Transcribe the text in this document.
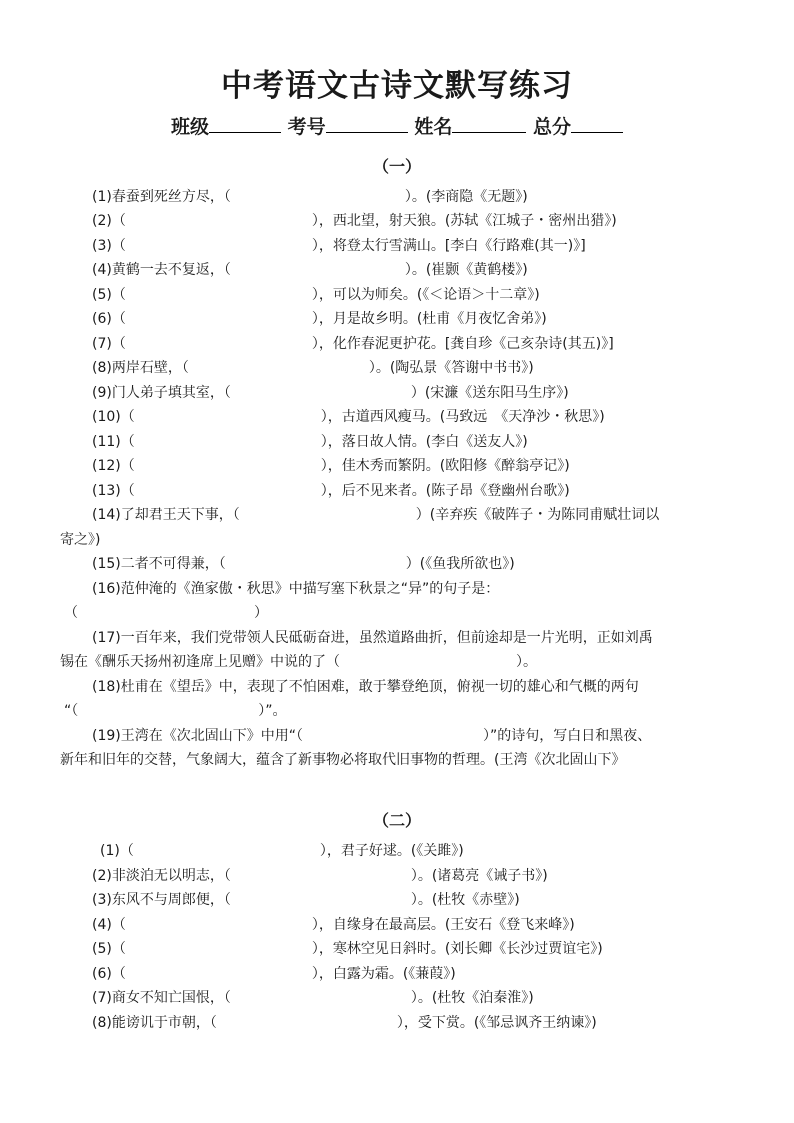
中考语文古诗文默写练习
班级	考号	姓名	总分
（一）
(1)春蚕到死丝方尽，（	）。(李商隐《无题》)
(2)（	），西北望，射天狼。(苏轼《江城子・密州出猎》)
(3)（	），将登太行雪满山。[李白《行路难(其一)》]
(4)黄鹤一去不复返，（	）。(崔颢《黄鹤楼》)
(5)（	），可以为师矣。(《＜论语＞十二章》)
(6)（	），月是故乡明。(杜甫《月夜忆舍弟》)
(7)（	），化作春泥更护花。[龚自珍《己亥杂诗(其五)》]
(8)两岸石壁，（	）。(陶弘景《答谢中书书》)
(9)门人弟子填其室，（	）(宋濂《送东阳马生序》)
(10)（	），古道西风瘦马。(马致远　《天净沙・秋思》)
(11)（	），落日故人情。(李白《送友人》)
(12)（	），佳木秀而繁阴。(欧阳修《醉翁亭记》)
(13)（	），后不见来者。(陈子昂《登幽州台歌》)
(14)了却君王天下事，（	）(辛弃疾《破阵子・为陈同甫赋壮词以
寄之》)
(15)二者不可得兼，（	）(《鱼我所欲也》)
(16)范仲淹的《渔家傲・秋思》中描写塞下秋景之“异”的句子是：
（	）
(17)一百年来，我们党带领人民砥砺奋进，虽然道路曲折，但前途却是一片光明，正如刘禹
锡在《酬乐天扬州初逢席上见赠》中说的了（	）。
(18)杜甫在《望岳》中，表现了不怕困难，敢于攀登绝顶，俯视一切的雄心和气概的两句
“（	）”。
(19)王湾在《次北固山下》中用“（	）”的诗句，写白日和黑夜、
新年和旧年的交替，气象阔大，蕴含了新事物必将取代旧事物的哲理。(王湾《次北固山下》
（二）
(1)（	），君子好逑。(《关雎》)
(2)非淡泊无以明志，（	）。(诸葛亮《诫子书》)
(3)东风不与周郎便，（	）。(杜牧《赤壁》)
(4)（	），自缘身在最高层。(王安石《登飞来峰》)
(5)（	），寒林空见日斜时。(刘长卿《长沙过贾谊宅》)
(6)（	），白露为霜。(《蒹葭》)
(7)商女不知亡国恨，（	）。(杜牧《泊秦淮》)
(8)能谤讥于市朝，（	），受下赏。(《邹忌讽齐王纳谏》)
